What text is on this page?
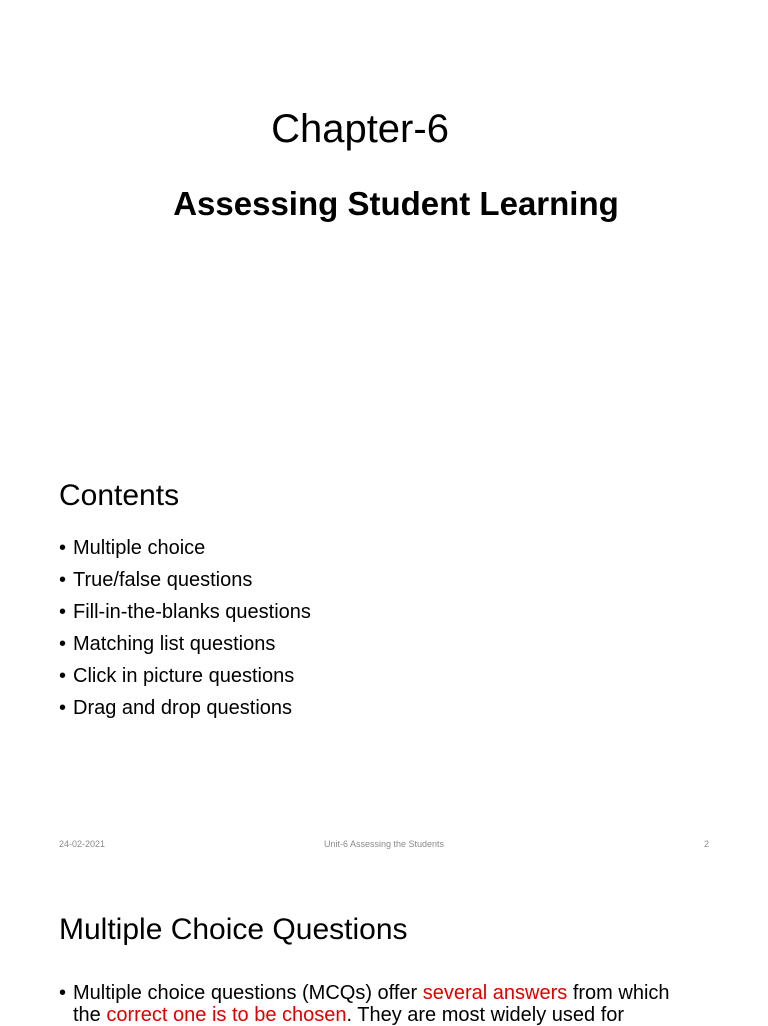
Chapter-6
Assessing Student Learning
Contents
• Multiple choice
• True/false questions
• Fill-in-the-blanks questions
• Matching list questions
• Click in picture questions
• Drag and drop questions
24-02-2021	Unit-6 Assessing the Students	2
Multiple Choice Questions

• Multiple choice questions (MCQs) offer several answers from which
the correct one is to be chosen. They are most widely used for
